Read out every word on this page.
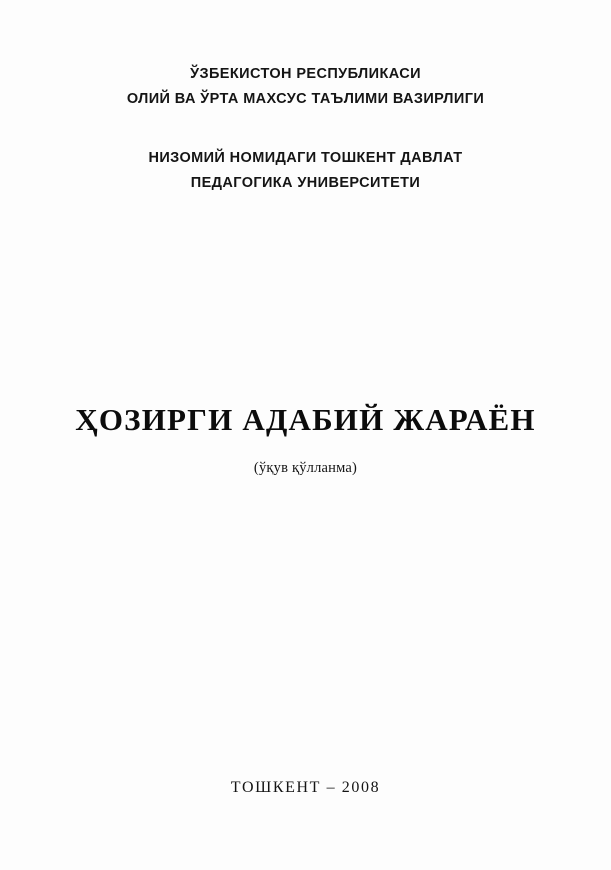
ЎЗБЕКИСТОН РЕСПУБЛИКАСИ
ОЛИЙ ВА ЎРТА МАХСУС ТАЪЛИМИ ВАЗИРЛИГИ
НИЗОМИЙ НОМИДАГИ ТОШКЕНТ ДАВЛАТ
ПЕДАГОГИКА УНИВЕРСИТЕТИ
ҲОЗИРГИ АДАБИЙ ЖАРАЁН
(ўқув қўлланма)
ТОШКЕНТ – 2008
